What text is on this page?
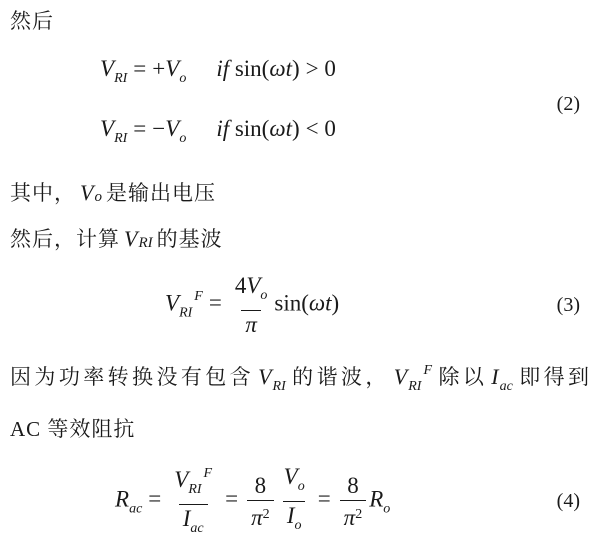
然后

$V_{RI} = +V_o$ if sin(ωt) > 0
$V_{RI} = -V_o$ if sin(ωt) < 0
(2)

其中， Vo 是输出电压

然后，计算 VRI 的基波

$V_{RI}^F = \frac{4V_o}{\pi} \sin(\omega t)$	(3)
因为功率转换没有包含 $V_{RI}$ 的谐波， $V_{RI}^F$ 除以 $I_{ac}$ 即得到
AC 等效阻抗
$R_{ac} = \frac{V_{RI}^F}{I_{ac}} = \frac{8}{\pi^2} \frac{V_o}{I_o} = \frac{8}{\pi^2} R_o$	(4)
